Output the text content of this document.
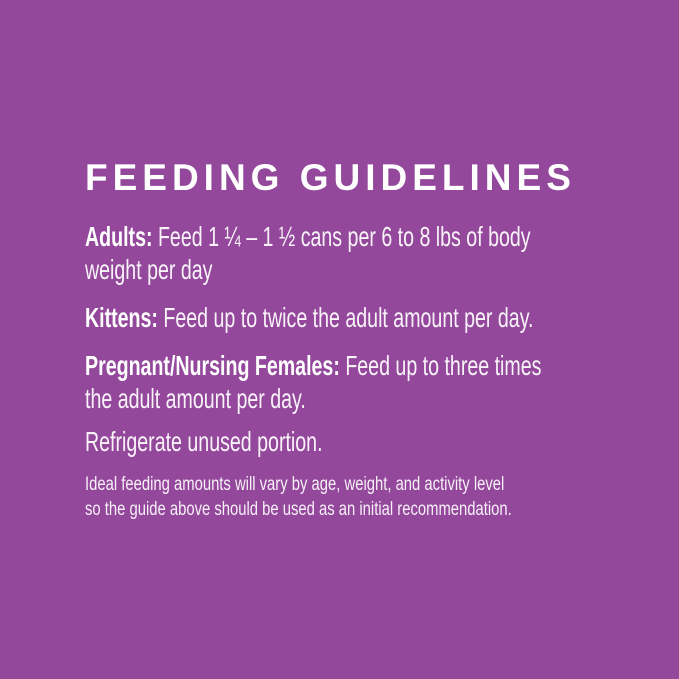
FEEDING GUIDELINES

Adults: Feed 1 ¼ – 1 ½ cans per 6 to 8 lbs of body
weight per day

Kittens: Feed up to twice the adult amount per day.

Pregnant/Nursing Females: Feed up to three times
the adult amount per day.

Refrigerate unused portion.

Ideal feeding amounts will vary by age, weight, and activity level
so the guide above should be used as an initial recommendation.
